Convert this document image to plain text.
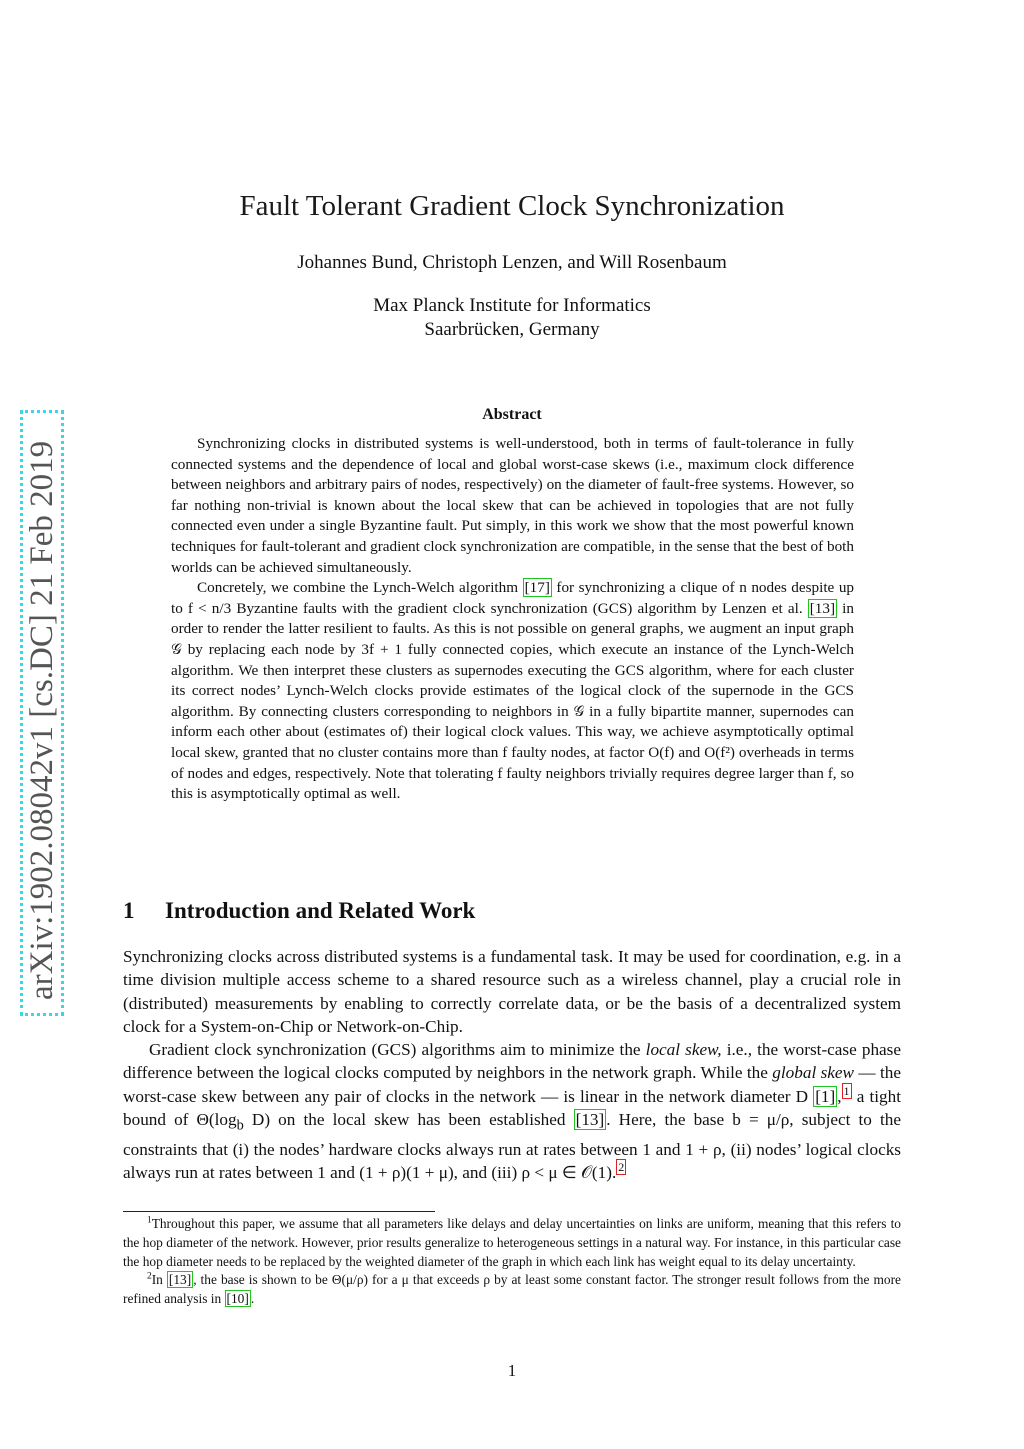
arXiv:1902.08042v1 [cs.DC] 21 Feb 2019
Fault Tolerant Gradient Clock Synchronization
Johannes Bund, Christoph Lenzen, and Will Rosenbaum
Max Planck Institute for Informatics
Saarbrücken, Germany
Abstract

Synchronizing clocks in distributed systems is well-understood, both in terms of fault-tolerance in fully connected systems and the dependence of local and global worst-case skews (i.e., maximum clock difference between neighbors and arbitrary pairs of nodes, respectively) on the diameter of fault-free systems. However, so far nothing non-trivial is known about the local skew that can be achieved in topologies that are not fully connected even under a single Byzantine fault. Put simply, in this work we show that the most powerful known techniques for fault-tolerant and gradient clock synchronization are compatible, in the sense that the best of both worlds can be achieved simultaneously.

Concretely, we combine the Lynch-Welch algorithm [17] for synchronizing a clique of n nodes despite up to f < n/3 Byzantine faults with the gradient clock synchronization (GCS) algorithm by Lenzen et al. [13] in order to render the latter resilient to faults. As this is not possible on general graphs, we augment an input graph 𝒢 by replacing each node by 3f + 1 fully connected copies, which execute an instance of the Lynch-Welch algorithm. We then interpret these clusters as supernodes executing the GCS algorithm, where for each cluster its correct nodes’ Lynch-Welch clocks provide estimates of the logical clock of the supernode in the GCS algorithm. By connecting clusters corresponding to neighbors in 𝒢 in a fully bipartite manner, supernodes can inform each other about (estimates of) their logical clock values. This way, we achieve asymptotically optimal local skew, granted that no cluster contains more than f faulty nodes, at factor O(f) and O(f²) overheads in terms of nodes and edges, respectively. Note that tolerating f faulty neighbors trivially requires degree larger than f, so this is asymptotically optimal as well.

1 Introduction and Related Work

Synchronizing clocks across distributed systems is a fundamental task. It may be used for coordination, e.g. in a time division multiple access scheme to a shared resource such as a wireless channel, play a crucial role in (distributed) measurements by enabling to correctly correlate data, or be the basis of a decentralized system clock for a System-on-Chip or Network-on-Chip.

Gradient clock synchronization (GCS) algorithms aim to minimize the local skew, i.e., the worst-case phase difference between the logical clocks computed by neighbors in the network graph. While the global skew — the worst-case skew between any pair of clocks in the network — is linear in the network diameter D [1] , $^1$ a tight bound of $\Theta(\log_b$ D) on the local skew has been established [13] . Here, the base b = μ/ρ, subject to the constraints that (i) the nodes’ hardware clocks always run at rates between 1 and 1 + ρ, (ii) nodes’ logical clocks always run at rates between 1 and (1 + ρ)(1 + μ), and (iii) ρ < μ ∈ 𝒪(1). $^2$

$^1$Throughout this paper, we assume that all parameters like delays and delay uncertainties on links are uniform, meaning that this refers to the hop diameter of the network. However, prior results generalize to heterogeneous settings in a natural way. For instance, in this particular case the hop diameter needs to be replaced by the weighted diameter of the graph in which each link has weight equal to its delay uncertainty.

$^2$In [13] , the base is shown to be Θ(μ/ρ) for a μ that exceeds ρ by at least some constant factor. The stronger result follows from the more refined analysis in [10] .

1
